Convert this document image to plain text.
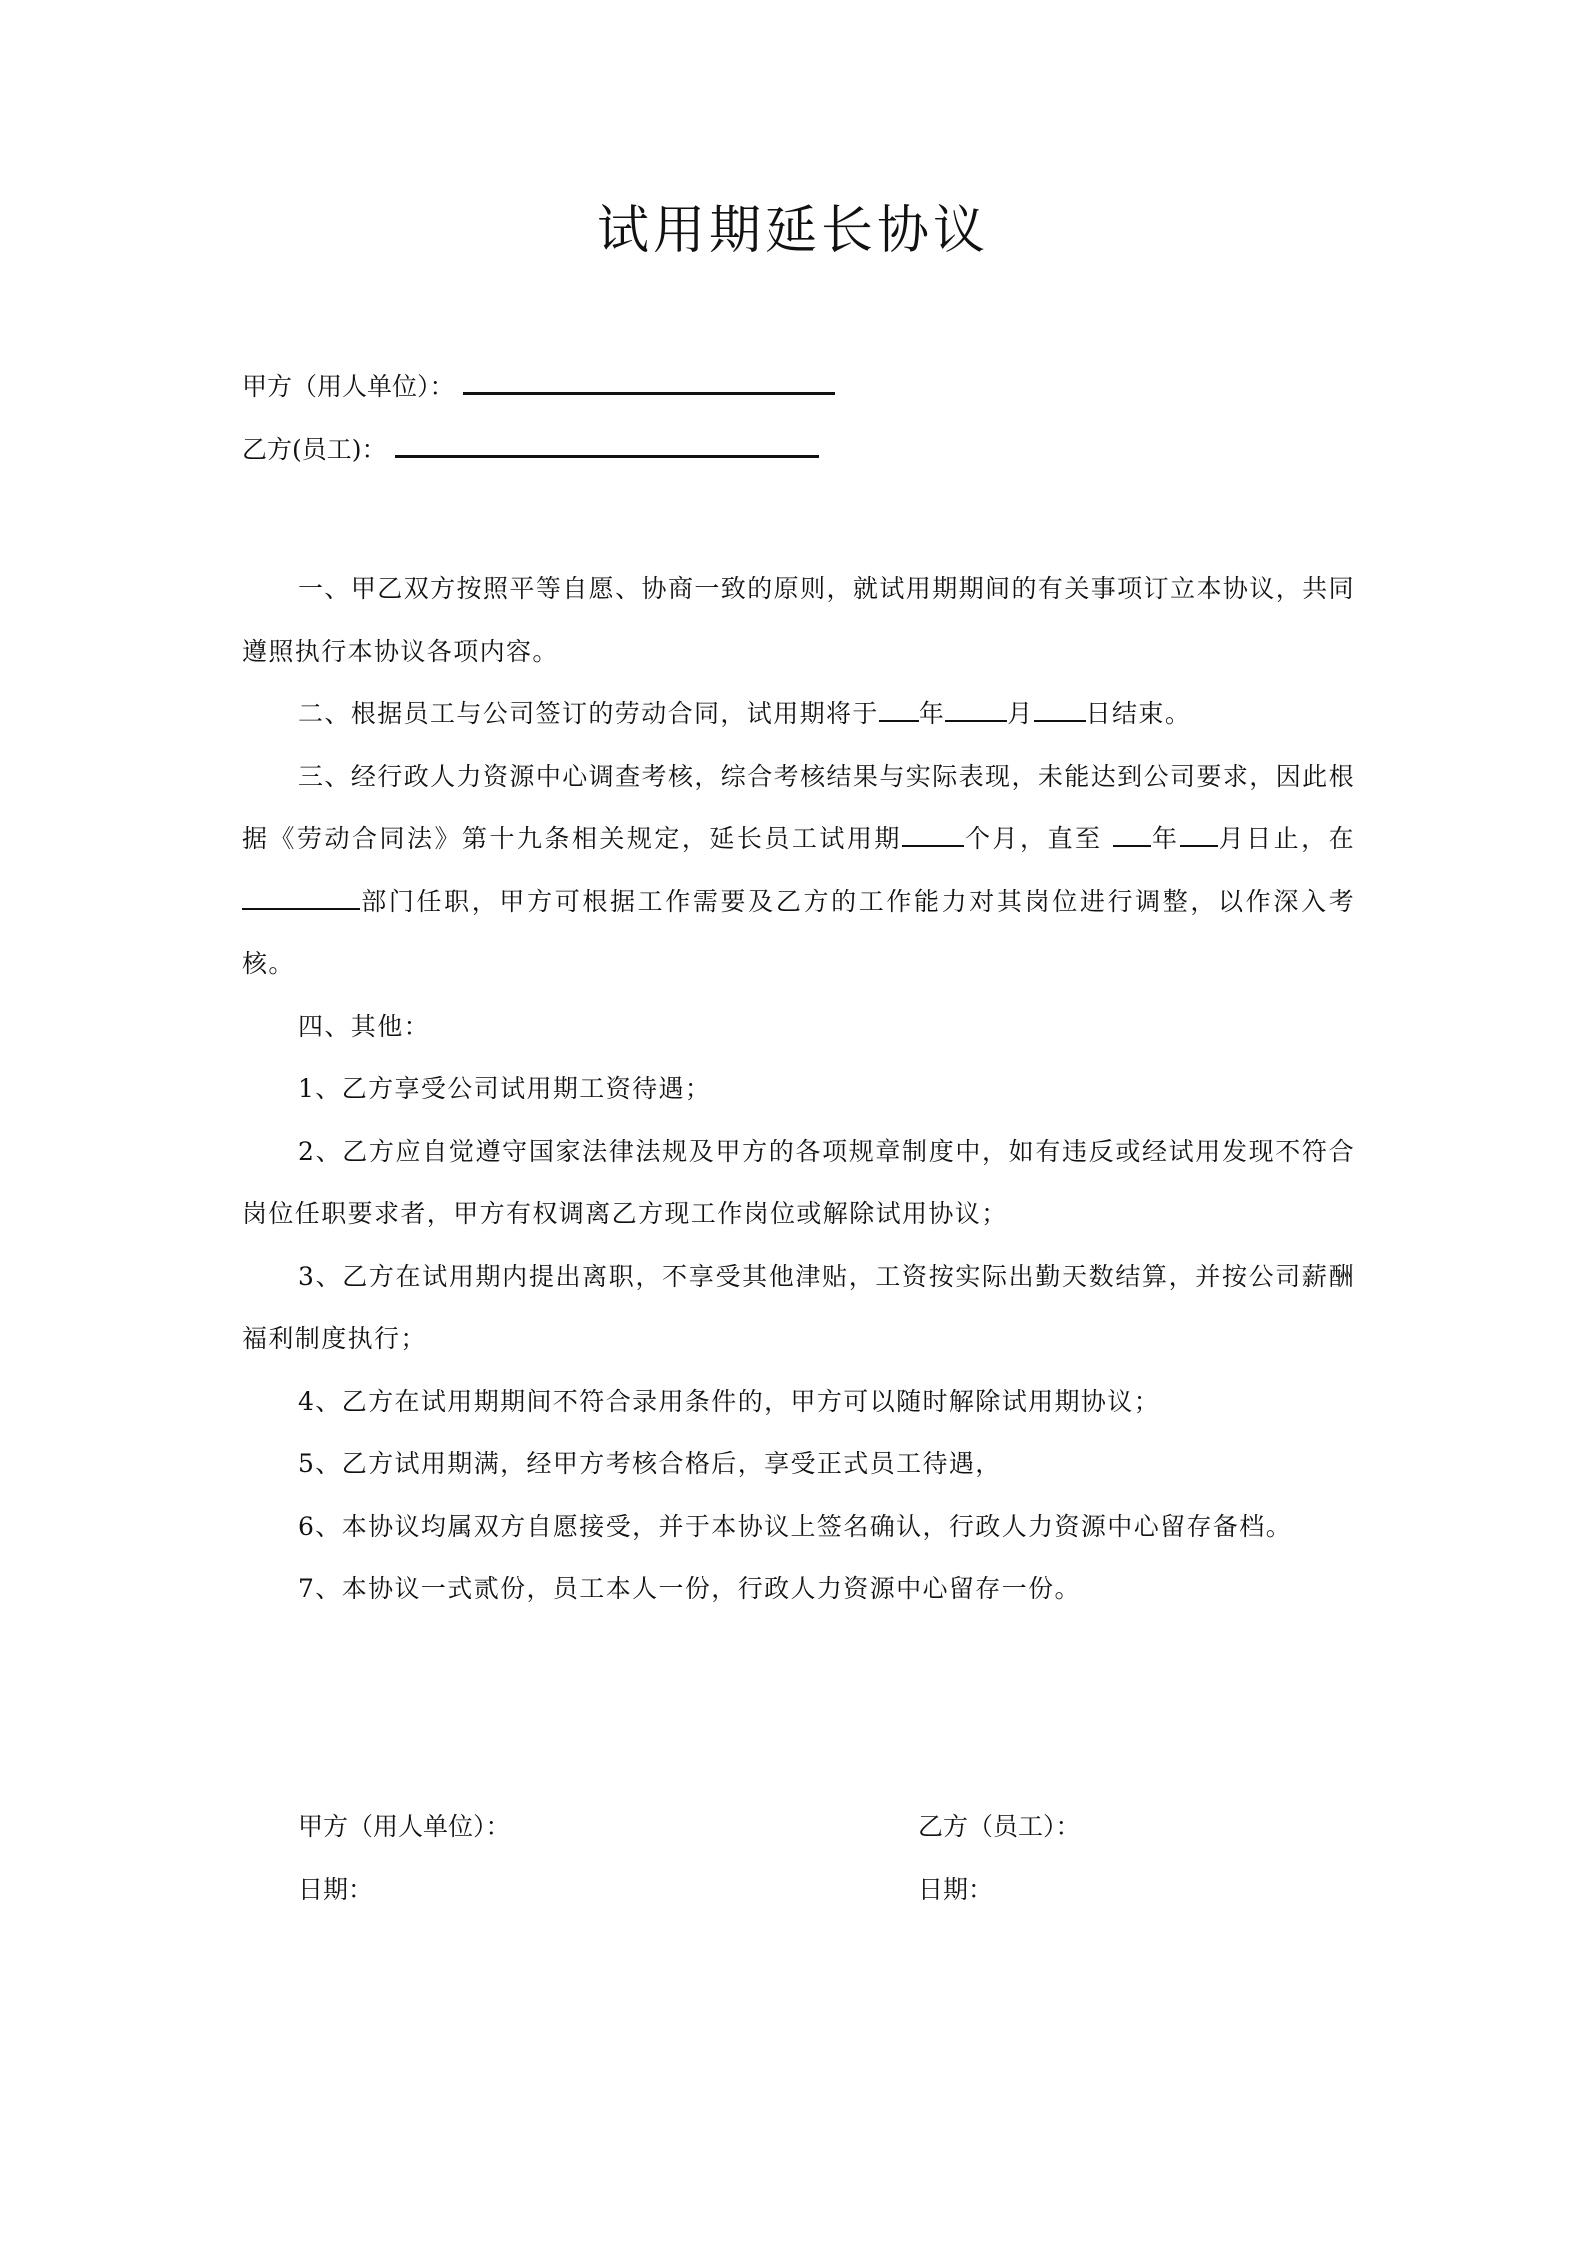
试用期延长协议
甲方（用人单位）：
乙方(员工)：

一、甲乙双方按照平等自愿、协商一致的原则，就试用期期间的有关事项订立本协议，共同遵照执行本协议各项内容。

二、根据员工与公司签订的劳动合同，试用期将于 年 月 日结束。

三、经行政人力资源中心调查考核，综合考核结果与实际表现，未能达到公司要求，因此根据《劳动合同法》第十九条相关规定，延长员工试用期 个月，直至 年 月日止，在部门任职，甲方可根据工作需要及乙方的工作能力对其岗位进行调整，以作深入考核。

四、其他：

1、乙方享受公司试用期工资待遇；

2、乙方应自觉遵守国家法律法规及甲方的各项规章制度中，如有违反或经试用发现不符合岗位任职要求者，甲方有权调离乙方现工作岗位或解除试用协议；

3、乙方在试用期内提出离职，不享受其他津贴，工资按实际出勤天数结算，并按公司薪酬福利制度执行；

4、乙方在试用期期间不符合录用条件的，甲方可以随时解除试用期协议；

5、乙方试用期满，经甲方考核合格后，享受正式员工待遇，

6、本协议均属双方自愿接受，并于本协议上签名确认，行政人力资源中心留存备档。

7、本协议一式贰份，员工本人一份，行政人力资源中心留存一份。

甲方（用人单位）：	乙方（员工）：
日期：	日期：
